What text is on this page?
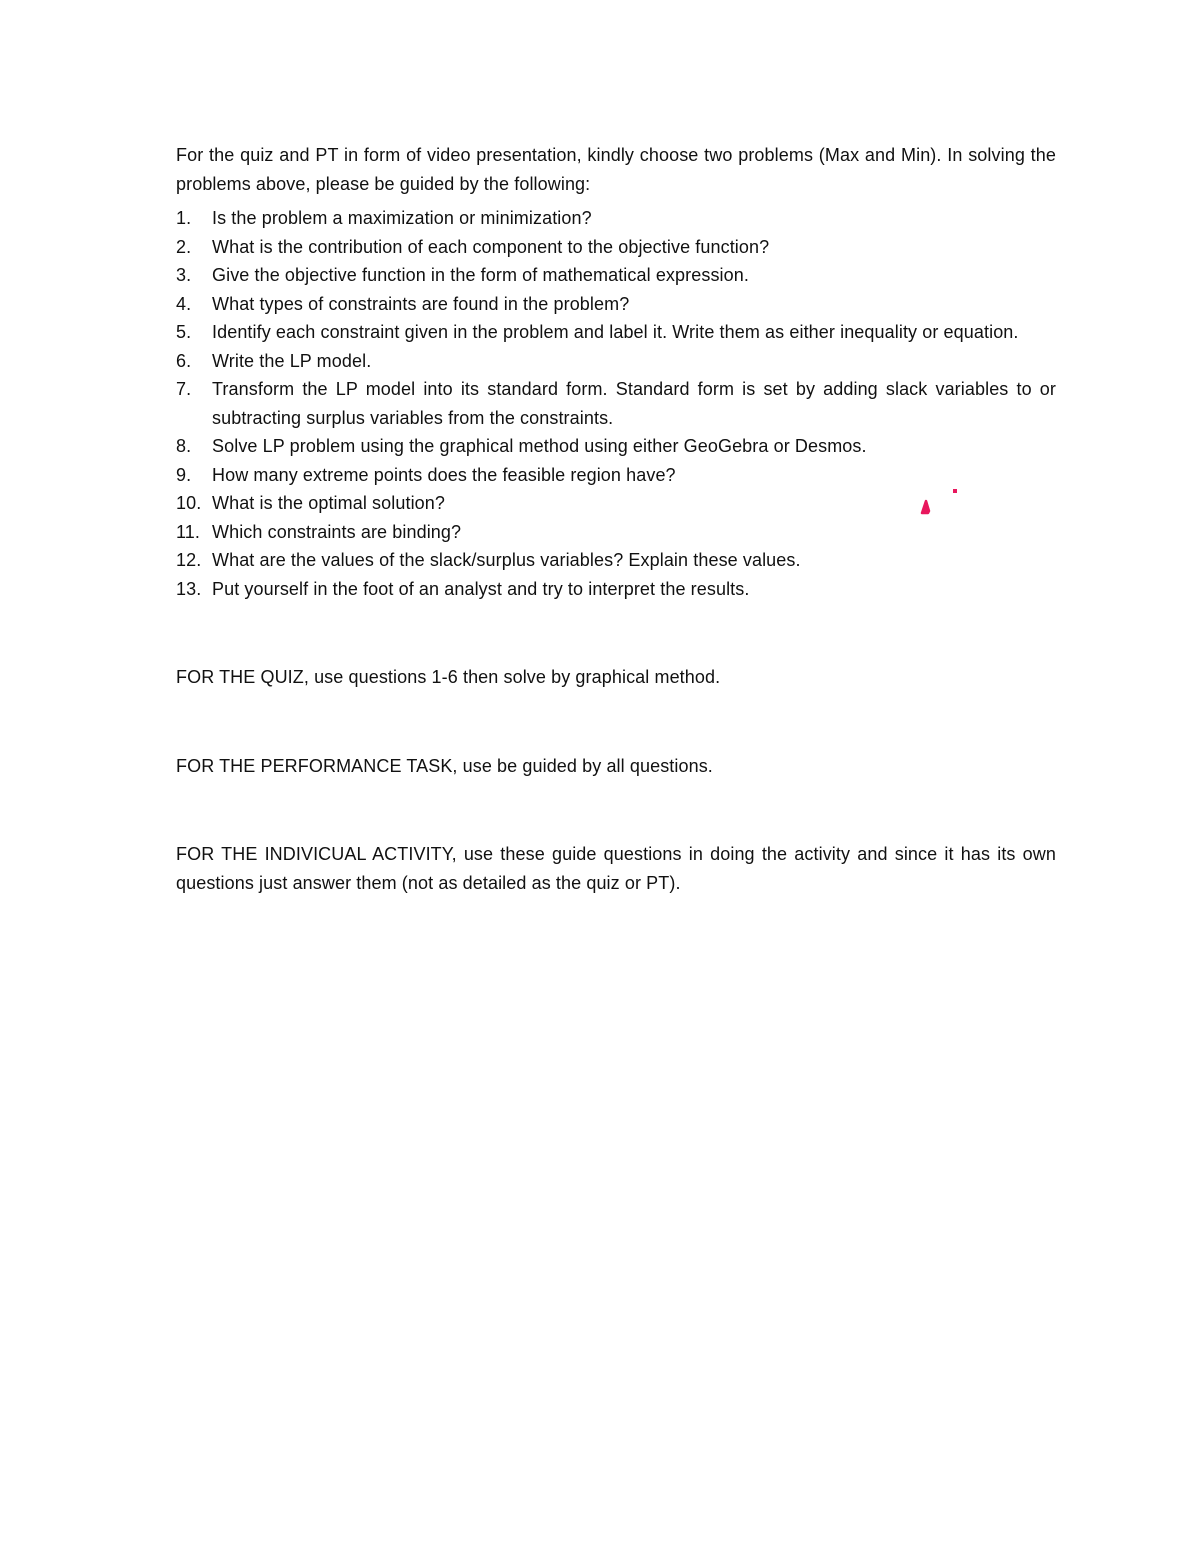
For the quiz and PT in form of video presentation, kindly choose two problems (Max and Min). In solving the problems above, please be guided by the following:

1.	Is the problem a maximization or minimization?
2.	What is the contribution of each component to the objective function?
3.	Give the objective function in the form of mathematical expression.
4.	What types of constraints are found in the problem?
5.	Identify each constraint given in the problem and label it. Write them as either inequality or equation.
6.	Write the LP model.
7.	Transform the LP model into its standard form. Standard form is set by adding slack variables to or subtracting surplus variables from the constraints.
8.	Solve LP problem using the graphical method using either GeoGebra or Desmos.
9.	How many extreme points does the feasible region have?
10. What is the optimal solution?
11. Which constraints are binding?
12. What are the values of the slack/surplus variables? Explain these values.
13. Put yourself in the foot of an analyst and try to interpret the results.

FOR THE QUIZ, use questions 1-6 then solve by graphical method.

FOR THE PERFORMANCE TASK, use be guided by all questions.

FOR THE INDIVICUAL ACTIVITY, use these guide questions in doing the activity and since it has its own questions just answer them (not as detailed as the quiz or PT).
